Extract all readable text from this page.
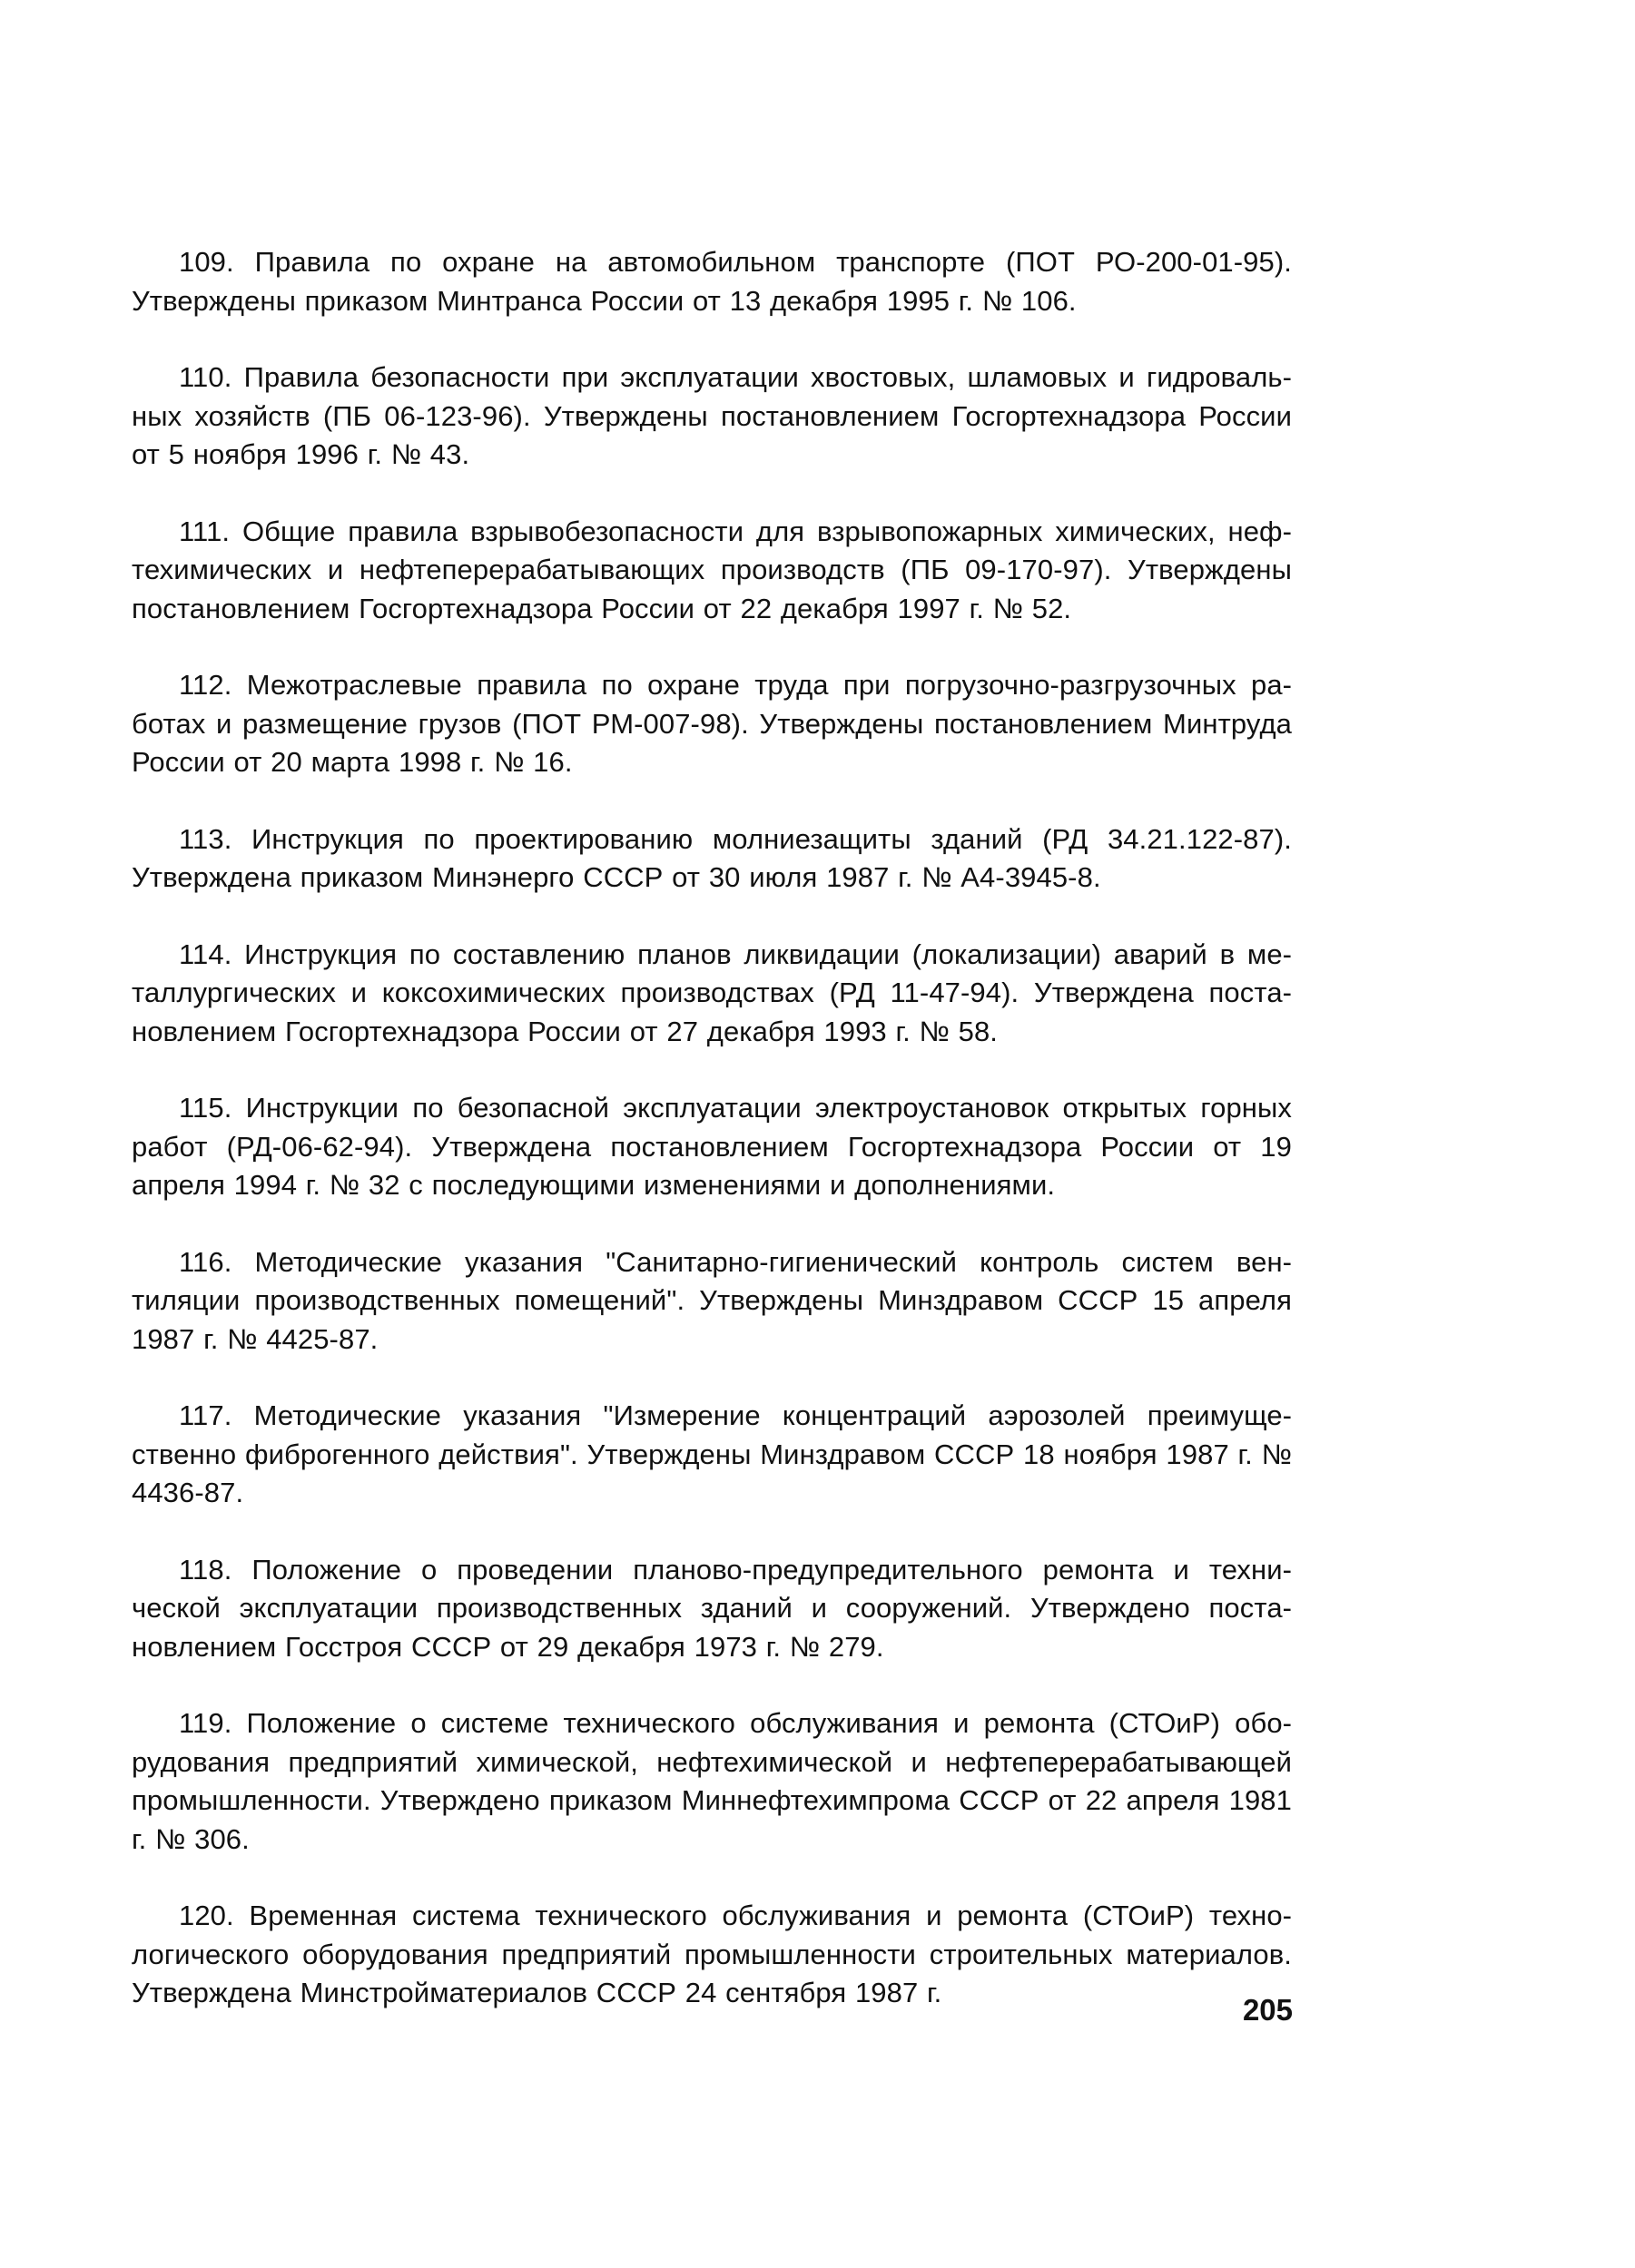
109. Правила по охране на автомобильном транспорте (ПОТ РО-200-01-95). Утверждены приказом Минтранса России от 13 декабря 1995 г. № 106.

110. Правила безопасности при эксплуатации хвостовых, шламовых и гидровальных хозяйств (ПБ 06-123-96). Утверждены постановлением Госгортехнадзора России от 5 ноября 1996 г. № 43.

111. Общие правила взрывобезопасности для взрывопожарных химических, нефтехимических и нефтеперерабатывающих производств (ПБ 09-170-97). Утверждены постановлением Госгортехнадзора России от 22 декабря 1997 г. № 52.

112. Межотраслевые правила по охране труда при погрузочно-разгрузочных работах и размещение грузов (ПОТ РМ-007-98). Утверждены постановлением Минтруда России от 20 марта 1998 г. № 16.

113. Инструкция по проектированию молниезащиты зданий (РД 34.21.122-87). Утверждена приказом Минэнерго СССР от 30 июля 1987 г. № А4-3945-8.

114. Инструкция по составлению планов ликвидации (локализации) аварий в металлургических и коксохимических производствах (РД 11-47-94). Утверждена постановлением Госгортехнадзора России от 27 декабря 1993 г. № 58.

115. Инструкции по безопасной эксплуатации электроустановок открытых горных работ (РД-06-62-94). Утверждена постановлением Госгортехнадзора России от 19 апреля 1994 г. № 32 с последующими изменениями и дополнениями.

116. Методические указания "Санитарно-гигиенический контроль систем вентиляции производственных помещений". Утверждены Минздравом СССР 15 апреля 1987 г. № 4425-87.

117. Методические указания "Измерение концентраций аэрозолей преимущественно фиброгенного действия". Утверждены Минздравом СССР 18 ноября 1987 г. № 4436-87.

118. Положение о проведении планово-предупредительного ремонта и технической эксплуатации производственных зданий и сооружений. Утверждено постановлением Госстроя СССР от 29 декабря 1973 г. № 279.

119. Положение о системе технического обслуживания и ремонта (СТОиР) оборудования предприятий химической, нефтехимической и нефтеперерабатывающей промышленности. Утверждено приказом Миннефтехимпрома СССР от 22 апреля 1981 г. № 306.

120. Временная система технического обслуживания и ремонта (СТОиР) технологического оборудования предприятий промышленности строительных материалов. Утверждена Минстройматериалов СССР 24 сентября 1987 г.

205
